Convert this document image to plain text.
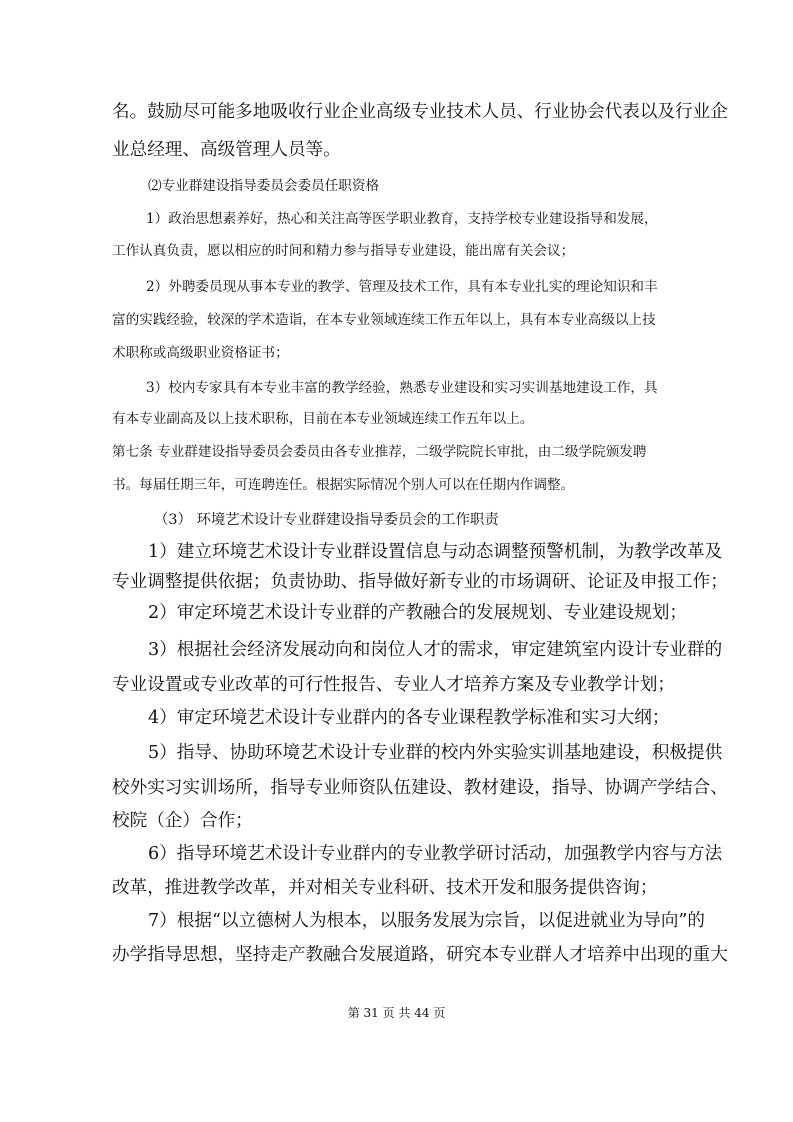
名。鼓励尽可能多地吸收行业企业高级专业技术人员、行业协会代表以及行业企
业总经理、高级管理人员等。
⑵专业群建设指导委员会委员任职资格
1）政治思想素养好，热心和关注高等医学职业教育，支持学校专业建设指导和发展，
工作认真负责，愿以相应的时间和精力参与指导专业建设，能出席有关会议；
2）外聘委员现从事本专业的教学、管理及技术工作，具有本专业扎实的理论知识和丰
富的实践经验，较深的学术造诣，在本专业领域连续工作五年以上，具有本专业高级以上技
术职称或高级职业资格证书；
3）校内专家具有本专业丰富的教学经验，熟悉专业建设和实习实训基地建设工作，具
有本专业副高及以上技术职称，目前在本专业领域连续工作五年以上。
第七条 专业群建设指导委员会委员由各专业推荐，二级学院院长审批，由二级学院颁发聘
书。每届任期三年，可连聘连任。根据实际情况个别人可以在任期内作调整。
（3） 环境艺术设计专业群建设指导委员会的工作职责
1）建立环境艺术设计专业群设置信息与动态调整预警机制，为教学改革及
专业调整提供依据；负责协助、指导做好新专业的市场调研、论证及申报工作；
2）审定环境艺术设计专业群的产教融合的发展规划、专业建设规划；
3）根据社会经济发展动向和岗位人才的需求，审定建筑室内设计专业群的
专业设置或专业改革的可行性报告、专业人才培养方案及专业教学计划；
4）审定环境艺术设计专业群内的各专业课程教学标准和实习大纲；
5）指导、协助环境艺术设计专业群的校内外实验实训基地建设，积极提供
校外实习实训场所，指导专业师资队伍建设、教材建设，指导、协调产学结合、
校院（企）合作；
6）指导环境艺术设计专业群内的专业教学研讨活动，加强教学内容与方法
改革，推进教学改革，并对相关专业科研、技术开发和服务提供咨询；
7）根据“以立德树人为根本，以服务发展为宗旨，以促进就业为导向”的
办学指导思想，坚持走产教融合发展道路，研究本专业群人才培养中出现的重大
第 31 页 共 44 页
